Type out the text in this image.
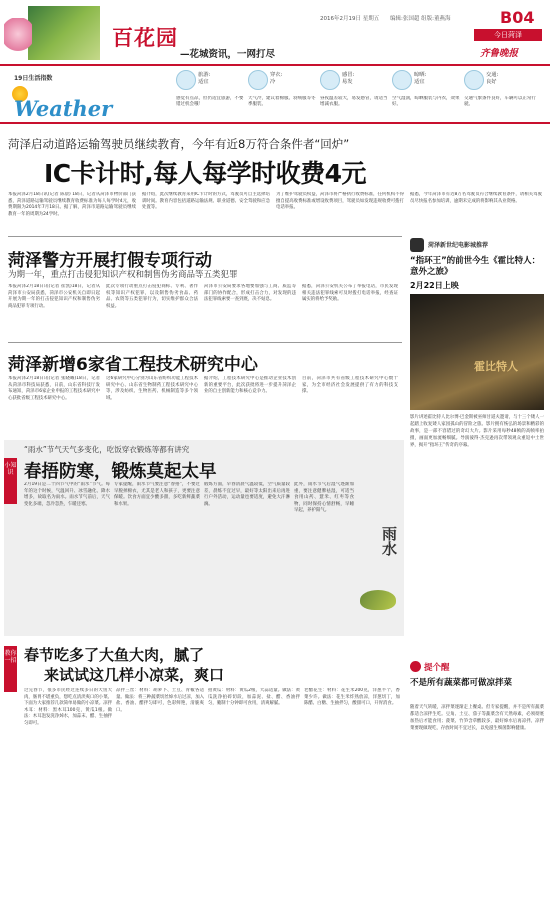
百花园
—花城资讯，一网打尽
2016年2月19日 星期五 编辑:张国超 组版:董燕海	B04
今日菏泽
齐鲁晚报
19日生活指数
Weather
旅游:
适宜
感觉有点凉，但仍适宜旅游，不要错过机会哦！
穿衣:
冷
天气冷，建议着棉服、羽绒服等冬季服装。
感冒:
易发
昼夜温差较大，易发感冒，请适当增减衣服。
晾晒:
适宜
空气湿润，晾晒服装与内衣，效果好。
交通:
良好
交通气象条件良好，车辆可以正常行驶。
菏泽启动道路运输驾驶员继续教育，今年有近8万符合条件者“回炉”
IC卡计时,每人每学时收费4元
本报菏泽2月18日讯(记者 陈晨) 18日，记者从菏泽市物价部门获悉，菏泽道路运输驾驶员继续教育收费标准为每人每学时4元，收费期限为2014年7月18日。据了解，菏泽市道路运输驾驶员继续教育一年的周期为24学时。
据介绍，此次继续教育采用IC卡计时的方式，驾驶员可自主选择培训时间。教育内容包括道路运输法规、职业道德、安全驾驶和应急处置等。
为了维护驾驶员权益，菏泽市将严格执行收费标准，任何机构不得擅自提高收费标准或增设收费项目，驾驶员如发现违规收费可拨打电话举报。
据悉，今年菏泽市有近8万名驾驶员符合继续教育条件，请相关驾驶员尽快报名参加培训，逾期未完成的将影响其从业资格。
菏泽新世纪电影城推荐
“指环王”的前世今生《霍比特人：意外之旅》
2月22日上映
霍比特人
影片讲述霍比特人比尔博·巴金斯被巫师甘道夫邀请，与十三个矮人一起踏上收复矮人家园孤山的冒险之旅。影片拥有恢弘的场景和精彩的故事，是一部不容错过的奇幻大片。影片采用每秒48帧的高帧率拍摄，画面更加流畅细腻。导演彼得·杰克逊再次带领观众重返中土世界，揭开“指环王”传奇的序幕。
提个醒
不是所有蔬菜都可做凉拌菜
随着天气转暖，凉拌菜逐渐走上餐桌。但专家提醒，并不是所有蔬菜都适合凉拌生吃。豆角、土豆、茄子等蔬菜含有天然毒素，必须彻底加热后才能食用；菠菜、竹笋含草酸较多，最好焯水后再凉拌。凉拌菜要现做现吃，存放时间不宜过长，以免滋生细菌影响健康。
菏泽警方开展打假专项行动
为期一年，重点打击侵犯知识产权和制售伪劣商品等五类犯罪
本报菏泽2月18日讯(记者 崔凯)18日，记者从菏泽市公安局获悉，菏泽市公安机关自即日起开展为期一年的打击侵犯知识产权和制售伪劣商品犯罪专项行动。
此次专项行动重点打击侵犯商标、专利、著作权等知识产权犯罪，以及制售伪劣食品、药品、农资等五类犯罪行为，切实维护群众合法权益。
菏泽市公安局要求各地要加强与工商、质监等部门的协作配合，形成打击合力，对发现的违法犯罪线索要一查到底，决不姑息。
据悉，菏泽公安机关公布了举报电话，市民发现相关违法犯罪线索可及时拨打电话举报，经查证属实的将给予奖励。
菏泽新增6家省工程技术研究中心
本报菏泽2月18日讯(记者 张晓曦)18日，记者从菏泽市科技局获悉，日前，山东省科技厅发布通知，菏泽市6家企业申报的工程技术研究中心获批省级工程技术研究中心。
这6家研究中心分别为山东省纺织功能工程技术研究中心、山东省生物制药工程技术研究中心等，涉及纺织、生物医药、机械制造等多个领域。
据介绍，工程技术研究中心是推动企业技术创新的重要平台，此次获批将进一步提升菏泽企业的自主创新能力和核心竞争力。
目前，菏泽市共有省级工程技术研究中心数十家，为全市经济社会发展提供了有力的科技支撑。
小知识
“雨水”节气天气多变化，吃饭穿衣锻炼等都有讲究
春捂防寒，锻炼莫起太早
2月19日是二十四节气中的“雨水”节气。每年的这个时候，气温回升、冰雪融化、降水增多，故取名为雨水。雨水节气前后，天气变化多端，忽冷忽热，乍暖还寒。
专家提醒，雨水节气要注意“春捂”，不要过早脱掉棉衣，尤其是老人和孩子，更要注意保暖。饮食方面宜少酸多甜，多吃新鲜蔬菜和水果。
锻炼方面，早春清晨气温较低，空气质量较差，晨练不宜过早，最好等太阳出来后再进行户外活动，运动量也要适度，避免大汗淋漓。
此外，雨水节气后湿气逐渐加重，要注意健脾祛湿，可适当食用山药、薏米、红枣等食物，同时保持心情舒畅，早睡早起，养护阳气。
雨水
教你一招 春节吃多了大鱼大肉，腻了
来试试这几样小凉菜，爽口
过完春节，很多市民经过连续多日的大鱼大肉，肠胃不堪重负，想吃点清淡爽口的小菜。下面为大家推荐几款简单易做的小凉菜。凉拌木耳：材料：黑木耳100克，黄瓜1根。做法：木耳泡发洗净焯水，加蒜末、醋、生抽拌匀即可。
凉拌三丝：材料：胡萝卜、土豆、青椒各适量。做法：将三种蔬菜切丝焯水后过凉，加入盐、香油、醋拌匀即可，色彩鲜艳，清脆爽口。
拍黄瓜：材料：黄瓜2根，大蒜适量。做法：黄瓜洗净拍碎切段，加蒜泥、盐、醋、香油拌匀，腌制十分钟即可食用，清爽解腻。
老醋花生：材料：花生米200克，洋葱半个，香菜少许。做法：花生米炸熟放凉，洋葱切丁，加陈醋、白糖、生抽拌匀，酸甜可口，开胃消食。
